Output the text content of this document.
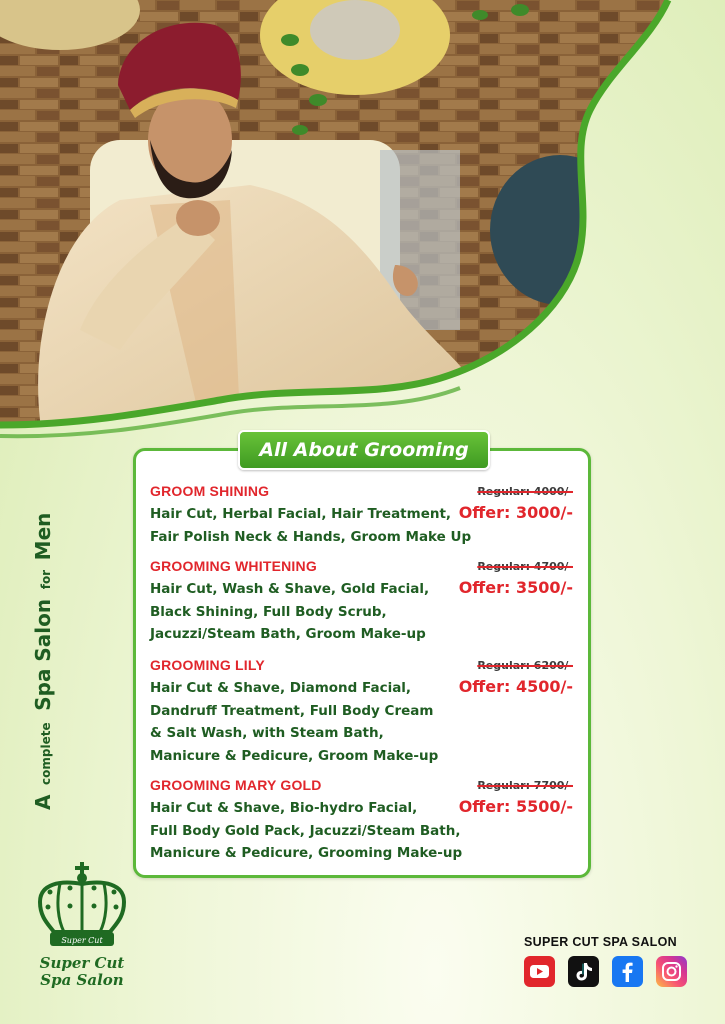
A complete Spa Salon for Men
All About Grooming
GROOM SHINING	Regular: 4000/-
Offer: 3000/-
Hair Cut, Herbal Facial, Hair Treatment,
Fair Polish Neck & Hands, Groom Make Up
GROOMING WHITENING	Regular: 4700/-
Offer: 3500/-
Hair Cut, Wash & Shave, Gold Facial,
Black Shining, Full Body Scrub,
Jacuzzi/Steam Bath, Groom Make-up
GROOMING LILY	Regular: 6200/-
Offer: 4500/-
Hair Cut & Shave, Diamond Facial,
Dandruff Treatment, Full Body Cream
& Salt Wash, with Steam Bath,
Manicure & Pedicure, Groom Make-up
GROOMING MARY GOLD	Regular: 7700/-
Offer: 5500/-
Hair Cut & Shave, Bio-hydro Facial,
Full Body Gold Pack, Jacuzzi/Steam Bath,
Manicure & Pedicure, Grooming Make-up
Super Cut
Super Cut
Spa Salon
SUPER CUT SPA SALON
